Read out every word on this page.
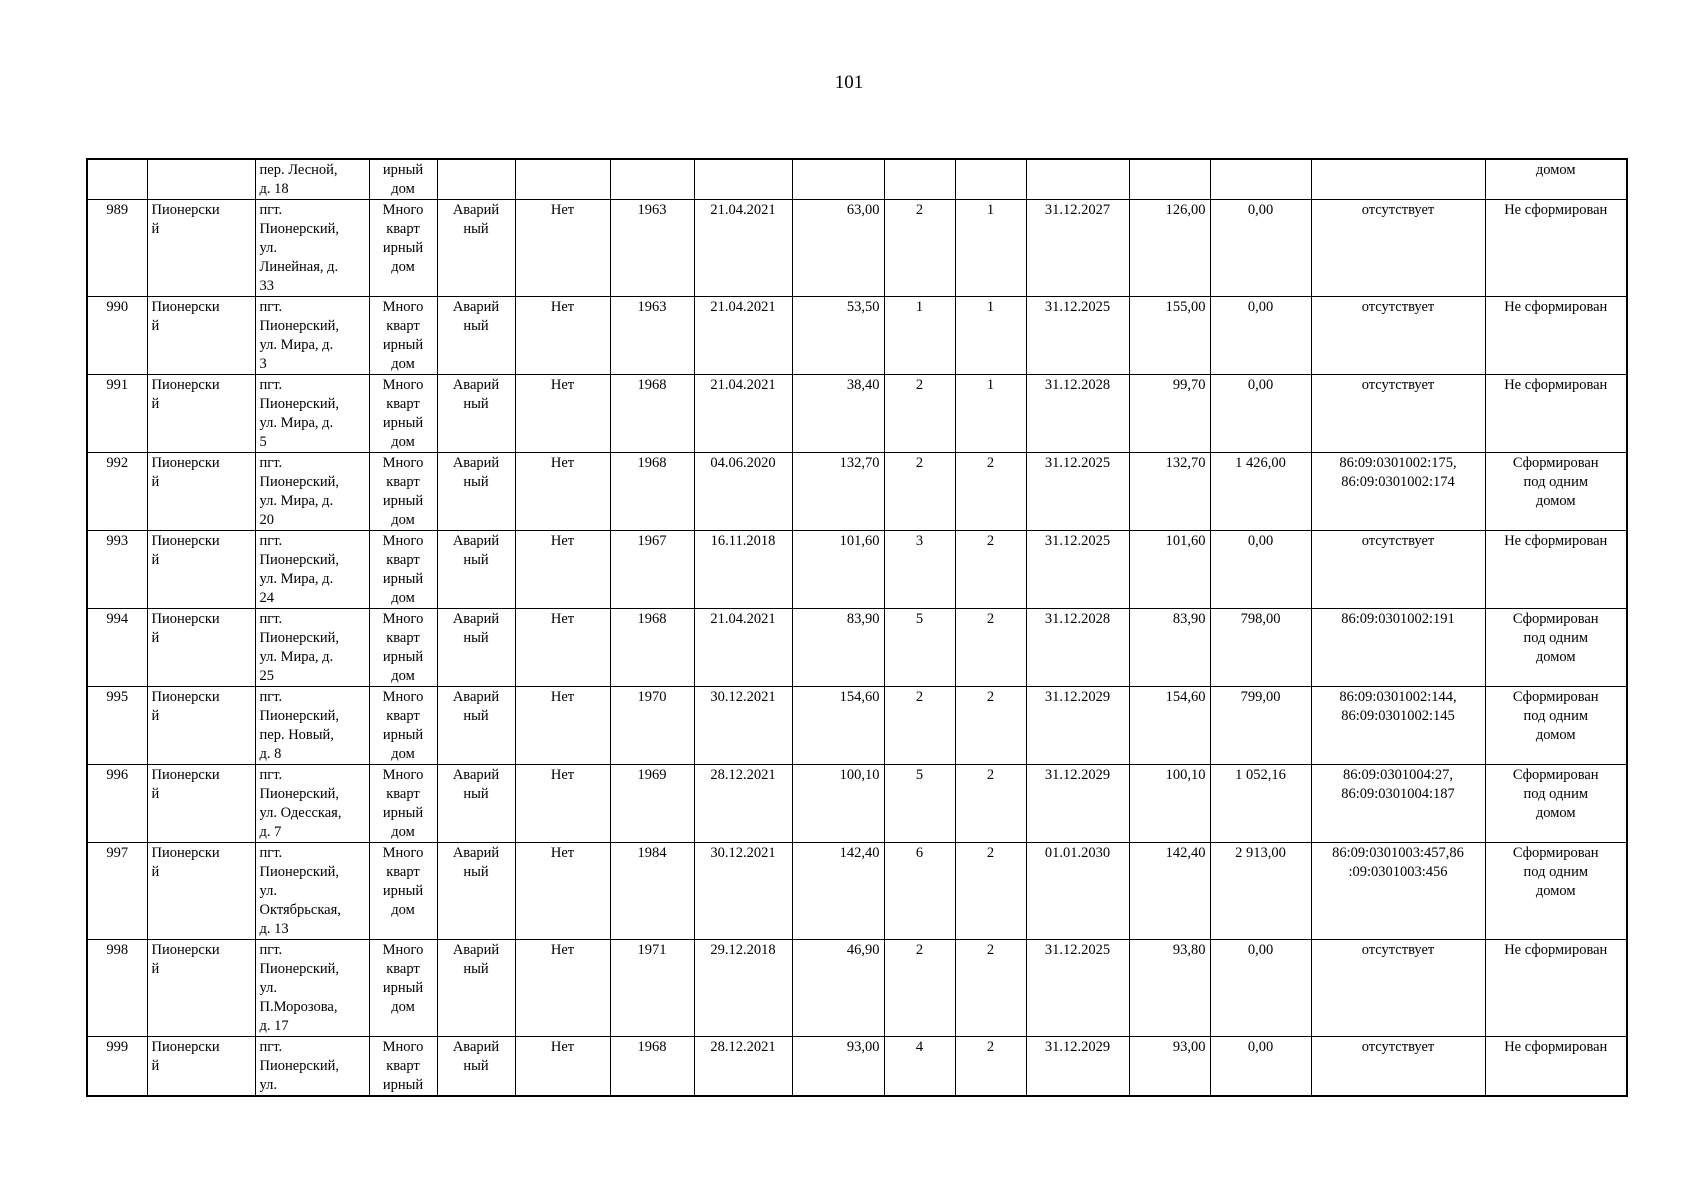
101
		пер. Лесной,
д. 18	ирный
дом												домом
989	Пионерски
й	пгт.
Пионерский,
ул.
Линейная, д.
33	Много
кварт
ирный
дом	Аварий
ный	Нет	1963	21.04.2021	63,00	2	1	31.12.2027	126,00	0,00	отсутствует	Не сформирован
990	Пионерски
й	пгт.
Пионерский,
ул. Мира, д.
3	Много
кварт
ирный
дом	Аварий
ный	Нет	1963	21.04.2021	53,50	1	1	31.12.2025	155,00	0,00	отсутствует	Не сформирован
991	Пионерски
й	пгт.
Пионерский,
ул. Мира, д.
5	Много
кварт
ирный
дом	Аварий
ный	Нет	1968	21.04.2021	38,40	2	1	31.12.2028	99,70	0,00	отсутствует	Не сформирован
992	Пионерски
й	пгт.
Пионерский,
ул. Мира, д.
20	Много
кварт
ирный
дом	Аварий
ный	Нет	1968	04.06.2020	132,70	2	2	31.12.2025	132,70	1 426,00	86:09:0301002:175,
86:09:0301002:174	Сформирован
под одним
домом
993	Пионерски
й	пгт.
Пионерский,
ул. Мира, д.
24	Много
кварт
ирный
дом	Аварий
ный	Нет	1967	16.11.2018	101,60	3	2	31.12.2025	101,60	0,00	отсутствует	Не сформирован
994	Пионерски
й	пгт.
Пионерский,
ул. Мира, д.
25	Много
кварт
ирный
дом	Аварий
ный	Нет	1968	21.04.2021	83,90	5	2	31.12.2028	83,90	798,00	86:09:0301002:191	Сформирован
под одним
домом
995	Пионерски
й	пгт.
Пионерский,
пер. Новый,
д. 8	Много
кварт
ирный
дом	Аварий
ный	Нет	1970	30.12.2021	154,60	2	2	31.12.2029	154,60	799,00	86:09:0301002:144,
86:09:0301002:145	Сформирован
под одним
домом
996	Пионерски
й	пгт.
Пионерский,
ул. Одесская,
д. 7	Много
кварт
ирный
дом	Аварий
ный	Нет	1969	28.12.2021	100,10	5	2	31.12.2029	100,10	1 052,16	86:09:0301004:27,
86:09:0301004:187	Сформирован
под одним
домом
997	Пионерски
й	пгт.
Пионерский,
ул.
Октябрьская,
д. 13	Много
кварт
ирный
дом	Аварий
ный	Нет	1984	30.12.2021	142,40	6	2	01.01.2030	142,40	2 913,00	86:09:0301003:457,86
:09:0301003:456	Сформирован
под одним
домом
998	Пионерски
й	пгт.
Пионерский,
ул.
П.Морозова,
д. 17	Много
кварт
ирный
дом	Аварий
ный	Нет	1971	29.12.2018	46,90	2	2	31.12.2025	93,80	0,00	отсутствует	Не сформирован
999	Пионерски
й	пгт.
Пионерский,
ул.	Много
кварт
ирный	Аварий
ный	Нет	1968	28.12.2021	93,00	4	2	31.12.2029	93,00	0,00	отсутствует	Не сформирован
